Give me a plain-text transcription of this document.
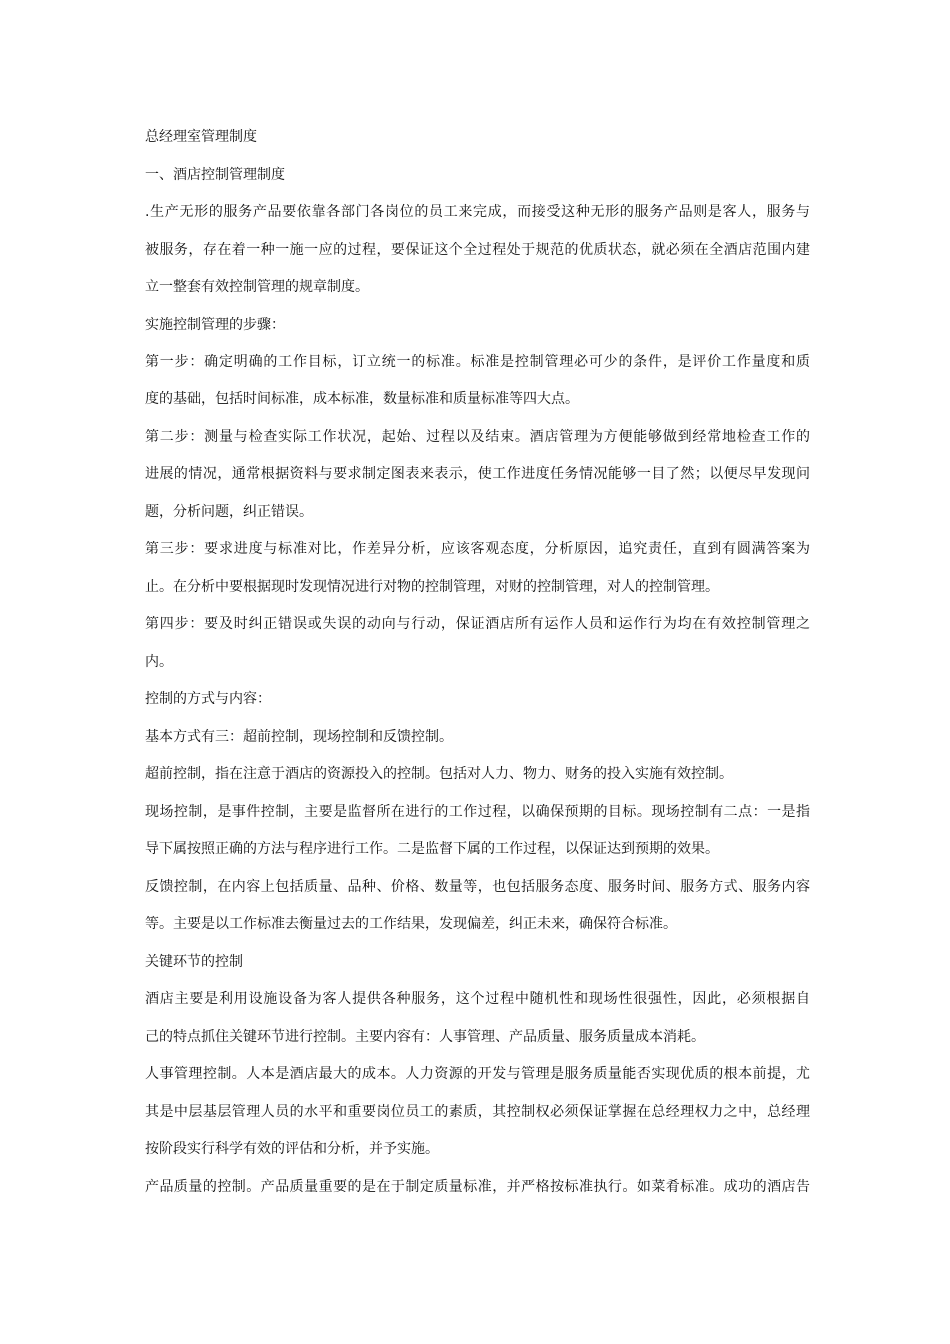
总经理室管理制度
一、酒店控制管理制度
.生产无形的服务产品要依靠各部门各岗位的员工来完成，而接受这种无形的服务产品则是客人，服务与
被服务，存在着一种一施一应的过程，要保证这个全过程处于规范的优质状态，就必须在全酒店范围内建
立一整套有效控制管理的规章制度。
实施控制管理的步骤：
第一步：确定明确的工作目标，订立统一的标准。标准是控制管理必可少的条件，是评价工作量度和质
度的基础，包括时间标准，成本标准，数量标准和质量标准等四大点。
第二步：测量与检查实际工作状况，起始、过程以及结束。酒店管理为方便能够做到经常地检查工作的
进展的情况，通常根据资料与要求制定图表来表示，使工作进度任务情况能够一目了然；以便尽早发现问
题，分析问题，纠正错误。
第三步：要求进度与标准对比，作差异分析，应该客观态度，分析原因，追究责任，直到有圆满答案为
止。在分析中要根据现时发现情况进行对物的控制管理，对财的控制管理，对人的控制管理。
第四步：要及时纠正错误或失误的动向与行动，保证酒店所有运作人员和运作行为均在有效控制管理之
内。
控制的方式与内容：
基本方式有三：超前控制，现场控制和反馈控制。
超前控制，指在注意于酒店的资源投入的控制。包括对人力、物力、财务的投入实施有效控制。
现场控制，是事件控制，主要是监督所在进行的工作过程，以确保预期的目标。现场控制有二点：一是指
导下属按照正确的方法与程序进行工作。二是监督下属的工作过程，以保证达到预期的效果。
反馈控制，在内容上包括质量、品种、价格、数量等，也包括服务态度、服务时间、服务方式、服务内容
等。主要是以工作标准去衡量过去的工作结果，发现偏差，纠正未来，确保符合标准。
关键环节的控制
酒店主要是利用设施设备为客人提供各种服务，这个过程中随机性和现场性很强性，因此，必须根据自
己的特点抓住关键环节进行控制。主要内容有：人事管理、产品质量、服务质量成本消耗。
人事管理控制。人本是酒店最大的成本。人力资源的开发与管理是服务质量能否实现优质的根本前提，尤
其是中层基层管理人员的水平和重要岗位员工的素质，其控制权必须保证掌握在总经理权力之中，总经理
按阶段实行科学有效的评估和分析，并予实施。
产品质量的控制。产品质量重要的是在于制定质量标准，并严格按标准执行。如菜肴标准。成功的酒店告
